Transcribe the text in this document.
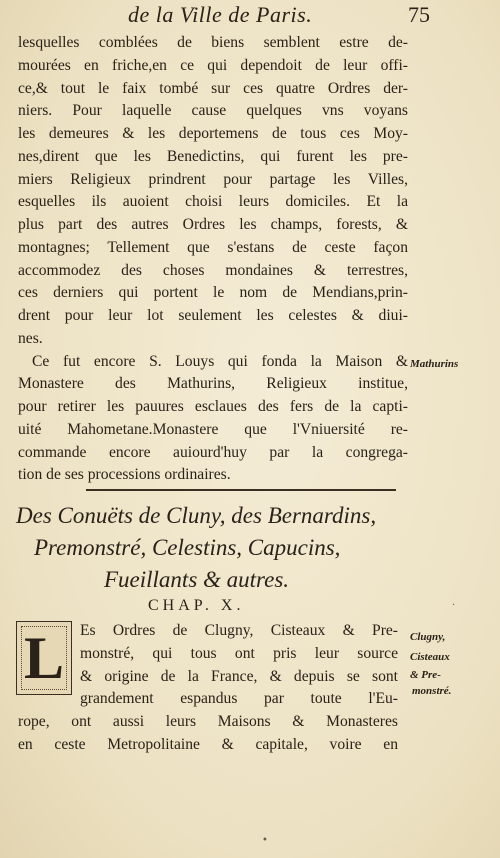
de la Ville de Paris.	75
lesquelles comblées de biens semblent estre de-
mourées en friche,en ce qui dependoit de leur offi-
ce,& tout le faix tombé sur ces quatre Ordres der-
niers. Pour laquelle cause quelques vns voyans
les demeures & les deportemens de tous ces Moy-
nes,dirent que les Benedictins, qui furent les pre-
miers Religieux prindrent pour partage les Villes,
esquelles ils auoient choisi leurs domiciles. Et la
plus part des autres Ordres les champs, forests, &
montagnes; Tellement que s'estans de ceste façon
accommodez des choses mondaines & terrestres,
ces derniers qui portent le nom de Mendians,prin-
drent pour leur lot seulement les celestes & diui-
nes.
Ce fut encore S. Louys qui fonda la Maison &
Monastere des Mathurins, Religieux institue,
pour retirer les pauures esclaues des fers de la capti-
uité Mahometane.Monastere que l'Vniuersité re-
commande encore auiourd'huy par la congrega-
tion de ses processions ordinaires.
Mathurins
Des Conuëts de Cluny, des Bernardins,
Premonstré, Celestins, Capucins,
Fueillants & autres.
CHAP. X.
L	Es Ordres de Clugny, Cisteaux & Pre-
monstré, qui tous ont pris leur source
& origine de la France, & depuis se sont
grandement espandus par toute l'Eu-
rope, ont aussi leurs Maisons & Monasteres
en ceste Metropolitaine & capitale, voire en
Clugny,
Cisteaux
& Pre-
monstré.
·
•
